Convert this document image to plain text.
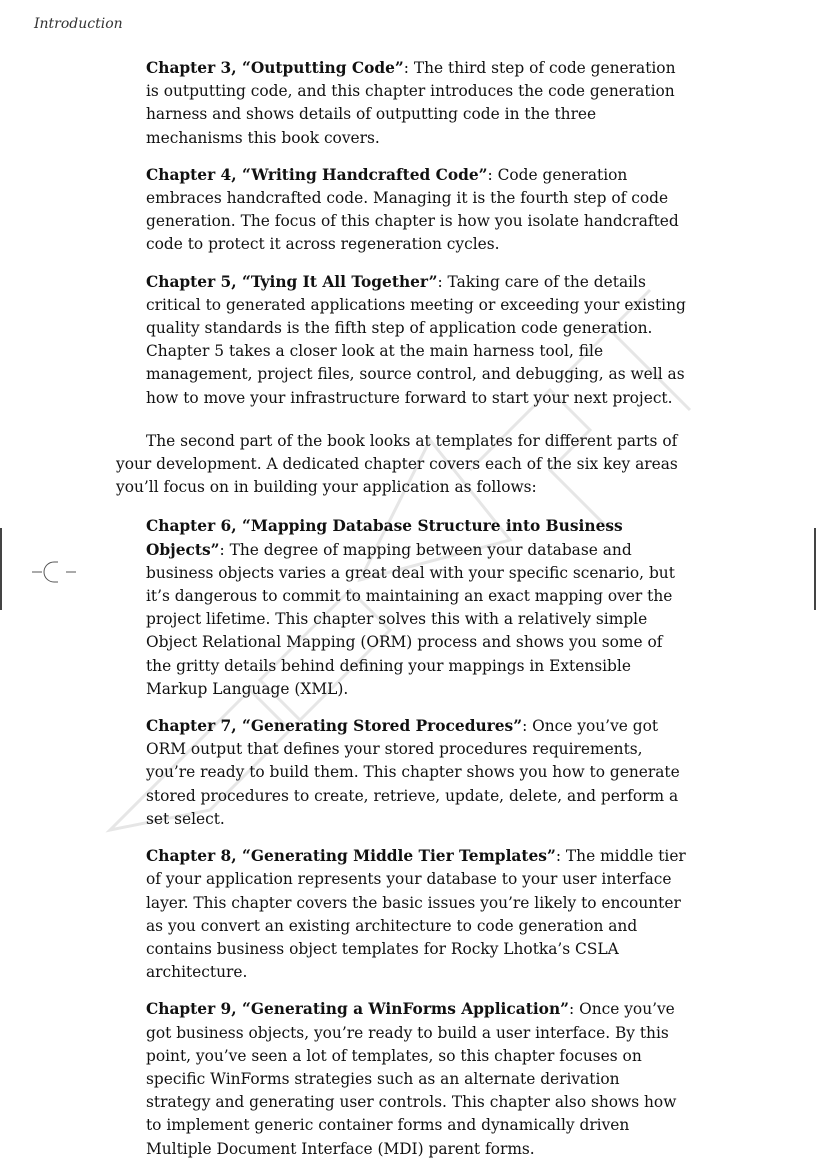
Introduction
Chapter 3, “Outputting Code”: The third step of code generation is outputting code, and this chapter introduces the code generation harness and shows details of outputting code in the three mechanisms this book covers.
Chapter 4, “Writing Handcrafted Code”: Code generation embraces handcrafted code. Managing it is the fourth step of code generation. The focus of this chapter is how you isolate handcrafted code to protect it across regeneration cycles.
Chapter 5, “Tying It All Together”: Taking care of the details critical to generated applications meeting or exceeding your existing quality standards is the fifth step of application code generation. Chapter 5 takes a closer look at the main harness tool, file management, project files, source control, and debugging, as well as how to move your infrastructure forward to start your next project.

The second part of the book looks at templates for different parts of your development. A dedicated chapter covers each of the six key areas you’ll focus on in building your application as follows:

Chapter 6, “Mapping Database Structure into Business Objects”: The degree of mapping between your database and business objects varies a great deal with your specific scenario, but it’s dangerous to commit to maintaining an exact mapping over the project lifetime. This chapter solves this with a relatively simple Object Relational Mapping (ORM) process and shows you some of the gritty details behind defining your mappings in Extensible Markup Language (XML).
Chapter 7, “Generating Stored Procedures”: Once you’ve got ORM output that defines your stored procedures requirements, you’re ready to build them. This chapter shows you how to generate stored procedures to create, retrieve, update, delete, and perform a set select.
Chapter 8, “Generating Middle Tier Templates”: The middle tier of your application represents your database to your user interface layer. This chapter covers the basic issues you’re likely to encounter as you convert an existing architecture to code generation and contains business object templates for Rocky Lhotka’s CSLA architecture.
Chapter 9, “Generating a WinForms Application”: Once you’ve got business objects, you’re ready to build a user interface. By this point, you’ve seen a lot of templates, so this chapter focuses on specific WinForms strategies such as an alternate derivation strategy and generating user controls. This chapter also shows how to implement generic container forms and dynamically driven Multiple Document Interface (MDI) parent forms.
